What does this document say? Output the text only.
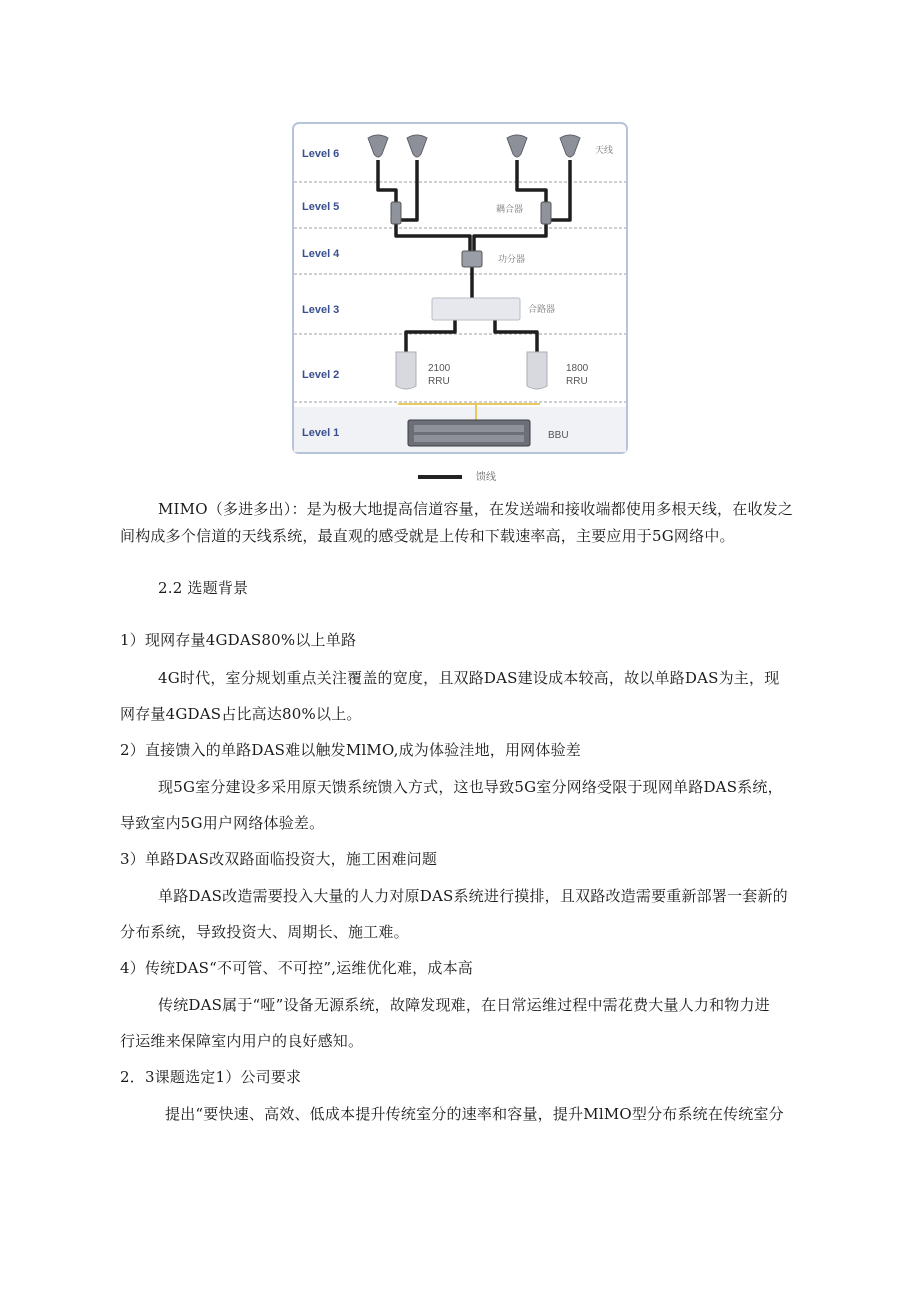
Level 6
Level 5
Level 4
Level 3
Level 2
Level 1
天线
耦合器
功分器
合路器
2100
RRU
1800
RRU
BBU
馈线

MIMO（多进多出）：是为极大地提高信道容量，在发送端和接收端都使用多根天线，在收发之

间构成多个信道的天线系统，最直观的感受就是上传和下载速率高，主要应用于5G网络中。

2.2 选题背景

1）现网存量4GDAS80%以上单路

4G时代，室分规划重点关注覆盖的宽度，且双路DAS建设成本较高，故以单路DAS为主，现

网存量4GDAS占比高达80%以上。

2）直接馈入的单路DAS难以触发MlMO,成为体验洼地，用网体验差

现5G室分建设多采用原天馈系统馈入方式，这也导致5G室分网络受限于现网单路DAS系统，

导致室内5G用户网络体验差。

3）单路DAS改双路面临投资大，施工困难问题

单路DAS改造需要投入大量的人力对原DAS系统进行摸排，且双路改造需要重新部署一套新的

分布系统，导致投资大、周期长、施工难。

4）传统DAS“不可管、不可控”,运维优化难，成本高

传统DAS属于“哑”设备无源系统，故障发现难，在日常运维过程中需花费大量人力和物力进

行运维来保障室内用户的良好感知。

2．3课题选定1）公司要求

提出“要快速、高效、低成本提升传统室分的速率和容量，提升MlMO型分布系统在传统室分
